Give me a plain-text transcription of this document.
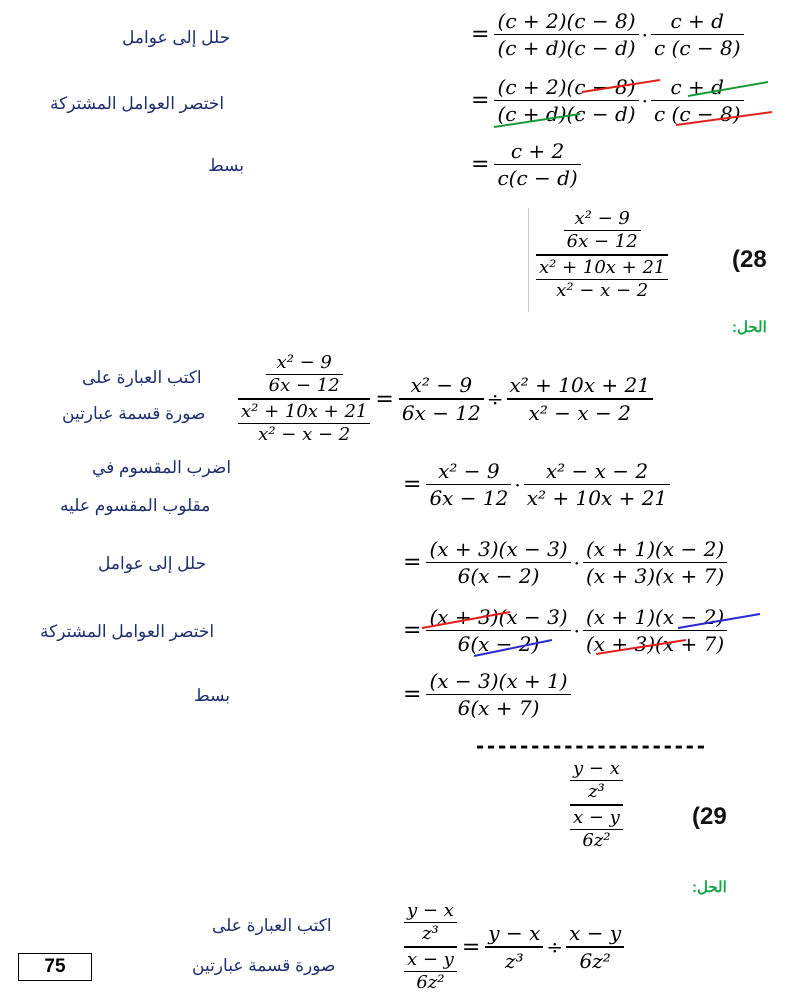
= $\frac{(c + 2)(c - 8)}{(c + d)(c - d)} \cdot \frac{c + d}{c (c - 8)}$
حلل إلى عوامل
= $\frac{(c + 2)(c - 8)}{(c + d)(c - d)} \cdot \frac{c + d}{c (c - 8)}$
اختصر العوامل المشتركة
= $\frac{c + 2}{c(c - d)}$
بسط
$\frac{\frac{\text{x² − 9}}{6x - 12}}{\frac{\text{x² + 10x + 21}}{\text{x² − x − 2}}}$	28)
الحل:
$\frac{\text{x² − 9}}{6x - 12}$
$\frac{\text{x² + 10x + 21}}{\text{x² − x − 2}}$
= $\frac{\text{x² − 9}}{6x - 12} \div \frac{\text{x² + 10x + 21}}{\text{x² − x − 2}}$
اكتب العبارة على
صورة قسمة عبارتين
= $\frac{\text{x² − 9}}{6x - 12} \cdot \frac{\text{x² − x − 2}}{\text{x² + 10x + 21}}$
اضرب المقسوم في
مقلوب المقسوم عليه
= $\frac{(x + 3)(x - 3)}{6(x - 2)} \cdot \frac{(x + 1)(x - 2)}{(x + 3)(x + 7)}$
حلل إلى عوامل
= $\frac{(x + 3)(x - 3)}{6(x - 2)} \cdot \frac{(x + 1)(x - 2)}{(x + 3)(x + 7)}$
اختصر العوامل المشتركة
= $\frac{(x - 3)(x + 1)}{6(x + 7)}$
بسط
---------------------
$\frac{\frac{y - x}{\text{z³}}}{\frac{x - y}{\text{6z²}}}$	29)
الحل:
$\frac{y - x}{\text{z³}}$
$\frac{x - y}{\text{6z²}}$
= $\frac{y - x}{\text{z³}} \div \frac{x - y}{\text{6z²}}$
اكتب العبارة على
صورة قسمة عبارتين
75
